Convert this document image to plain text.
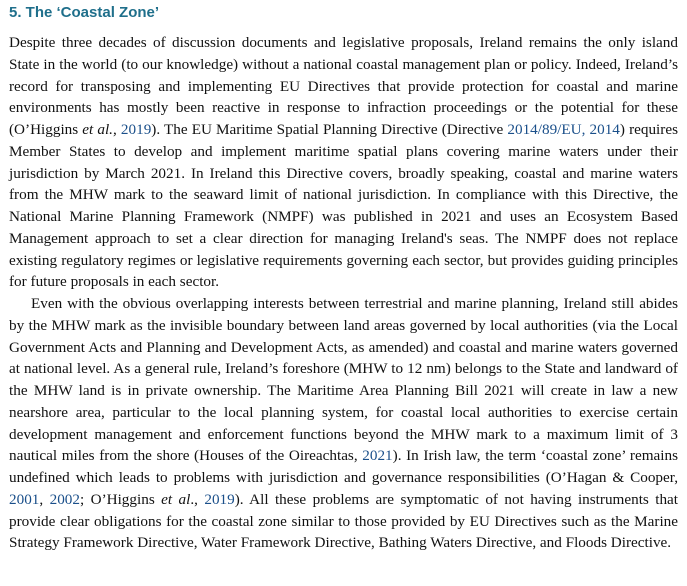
5. The ‘Coastal Zone’

Despite three decades of discussion documents and legislative proposals, Ireland remains the only island State in the world (to our knowledge) without a national coastal management plan or policy. Indeed, Ireland’s record for transposing and implementing EU Directives that provide protection for coastal and marine environments has mostly been reactive in response to infraction proceedings or the potential for these (O’Higgins et al., 2019). The EU Maritime Spatial Planning Directive (Directive 2014/89/EU, 2014) requires Member States to develop and implement maritime spatial plans covering marine waters under their jurisdiction by March 2021. In Ireland this Directive covers, broadly speaking, coastal and marine waters from the MHW mark to the seaward limit of national jurisdiction. In compliance with this Directive, the National Marine Planning Framework (NMPF) was published in 2021 and uses an Ecosystem Based Management approach to set a clear direction for managing Ireland's seas. The NMPF does not replace existing regulatory regimes or legislative requirements governing each sector, but provides guiding principles for future proposals in each sector.

Even with the obvious overlapping interests between terrestrial and marine planning, Ireland still abides by the MHW mark as the invisible boundary between land areas governed by local authorities (via the Local Government Acts and Planning and Development Acts, as amended) and coastal and marine waters governed at national level. As a general rule, Ireland’s foreshore (MHW to 12 nm) belongs to the State and landward of the MHW land is in private ownership. The Maritime Area Planning Bill 2021 will create in law a new nearshore area, particular to the local planning system, for coastal local authorities to exercise certain development management and enforcement functions beyond the MHW mark to a maximum limit of 3 nautical miles from the shore (Houses of the Oireachtas, 2021). In Irish law, the term ‘coastal zone’ remains undefined which leads to problems with jurisdiction and governance responsibilities (O’Hagan & Cooper, 2001, 2002; O’Higgins et al., 2019). All these problems are symptomatic of not having instruments that provide clear obligations for the coastal zone similar to those provided by EU Directives such as the Marine Strategy Framework Directive, Water Framework Directive, Bathing Waters Directive, and Floods Directive.
